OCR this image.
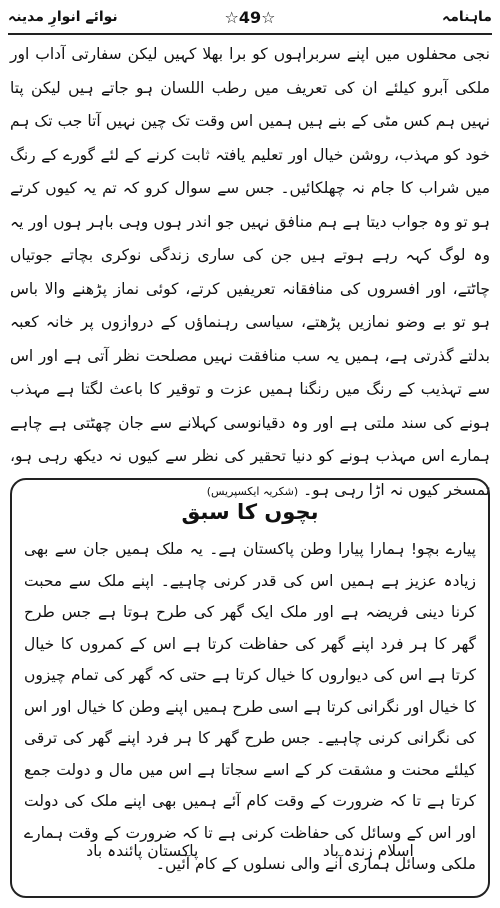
نوائے انوارِ مدینہ	☆49☆	ماہنامہ
نجی محفلوں میں اپنے سربراہوں کو برا بھلا کہیں لیکن سفارتی آداب اور ملکی آبرو کیلئے ان کی تعریف میں رطب اللسان ہو جاتے ہیں لیکن پتا نہیں ہم کس مٹی کے بنے ہیں ہمیں اس وقت تک چین نہیں آتا جب تک ہم خود کو مہذب، روشن خیال اور تعلیم یافتہ ثابت کرنے کے لئے گورے کے رنگ میں شراب کا جام نہ چھلکائیں۔ جس سے سوال کرو کہ تم یہ کیوں کرتے ہو تو وہ جواب دیتا ہے ہم منافق نہیں جو اندر ہوں وہی باہر ہوں اور یہ وہ لوگ کہہ رہے ہوتے ہیں جن کی ساری زندگی نوکری بچاتے جوتیاں چاٹتے، اور افسروں کی منافقانہ تعریفیں کرتے، کوئی نماز پڑھنے والا باس ہو تو بے وضو نمازیں پڑھتے، سیاسی رہنماؤں کے دروازوں پر خانہ کعبہ بدلتے گذرتی ہے، ہمیں یہ سب منافقت نہیں مصلحت نظر آتی ہے اور اس سے تہذیب کے رنگ میں رنگنا ہمیں عزت و توقیر کا باعث لگتا ہے مہذب ہونے کی سند ملتی ہے اور وہ دقیانوسی کہلانے سے جان چھٹتی ہے چاہے ہمارے اس مہذب ہونے کو دنیا تحقیر کی نظر سے کیوں نہ دیکھ رہی ہو، تمسخر کیوں نہ اڑا رہی ہو۔ (شکریہ ایکسپریس)
بچوں کا سبق
پیارے بچو! ہمارا پیارا وطن پاکستان ہے۔ یہ ملک ہمیں جان سے بھی زیادہ عزیز ہے ہمیں اس کی قدر کرنی چاہیے۔ اپنے ملک سے محبت کرنا دینی فریضہ ہے اور ملک ایک گھر کی طرح ہوتا ہے جس طرح گھر کا ہر فرد اپنے گھر کی حفاظت کرتا ہے اس کے کمروں کا خیال کرتا ہے اس کی دیواروں کا خیال کرتا ہے حتی کہ گھر کی تمام چیزوں کا خیال اور نگرانی کرتا ہے اسی طرح ہمیں اپنے وطن کا خیال اور اس کی نگرانی کرنی چاہیے۔ جس طرح گھر کا ہر فرد اپنے گھر کی ترقی کیلئے محنت و مشقت کر کے اسے سجاتا ہے اس میں مال و دولت جمع کرتا ہے تا کہ ضرورت کے وقت کام آئے ہمیں بھی اپنے ملک کی دولت اور اس کے وسائل کی حفاظت کرنی ہے تا کہ ضرورت کے وقت ہمارے ملکی وسائل ہماری آنے والی نسلوں کے کام آئیں۔
اسلام زندہ باد
پاکستان پائندہ باد
